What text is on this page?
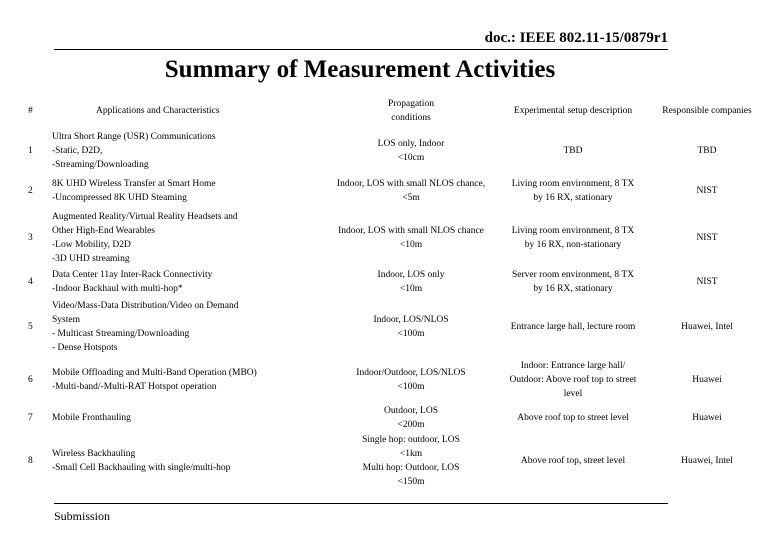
doc.: IEEE 802.11-15/0879r1
Summary of Measurement Activities
#	Applications and Characteristics	Propagation
conditions	Experimental setup description	Responsible companies
1	Ultra Short Range (USR) Communications
-Static, D2D,
-Streaming/Downloading	LOS only, Indoor
<10cm	TBD	TBD

2	8K UHD Wireless Transfer at Smart Home
-Uncompressed 8K UHD Steaming	Indoor, LOS with small NLOS chance,
<5m	Living room environment, 8 TX
by 16 RX, stationary	NIST

3	Augmented Reality/Virtual Reality Headsets and
Other High-End Wearables
-Low Mobility, D2D
-3D UHD streaming	Indoor, LOS with small NLOS chance
<10m	Living room environment, 8 TX
by 16 RX, non-stationary	NIST

4	Data Center 11ay Inter-Rack Connectivity
-Indoor Backhaul with multi-hop*	Indoor, LOS only
<10m	Server room environment, 8 TX
by 16 RX, stationary	NIST

5	Video/Mass-Data Distribution/Video on Demand
System
- Multicast Streaming/Downloading
- Dense Hotspots	Indoor, LOS/NLOS
<100m	Entrance large hall, lecture room	Huawei, Intel

6	Mobile Offloading and Multi-Band Operation (MBO)
-Multi-band/-Multi-RAT Hotspot operation	Indoor/Outdoor, LOS/NLOS
<100m	Indoor: Entrance large hall/
Outdoor: Above roof top to street
level	Huawei

7	Mobile Fronthauling	Outdoor, LOS
<200m	Above roof top to street level	Huawei

8	Wireless Backhauling
-Small Cell Backhauling with single/multi-hop	Single hop: outdoor, LOS
<1km
Multi hop: Outdoor, LOS
<150m	Above roof top, street level	Huawei, Intel
Submission
